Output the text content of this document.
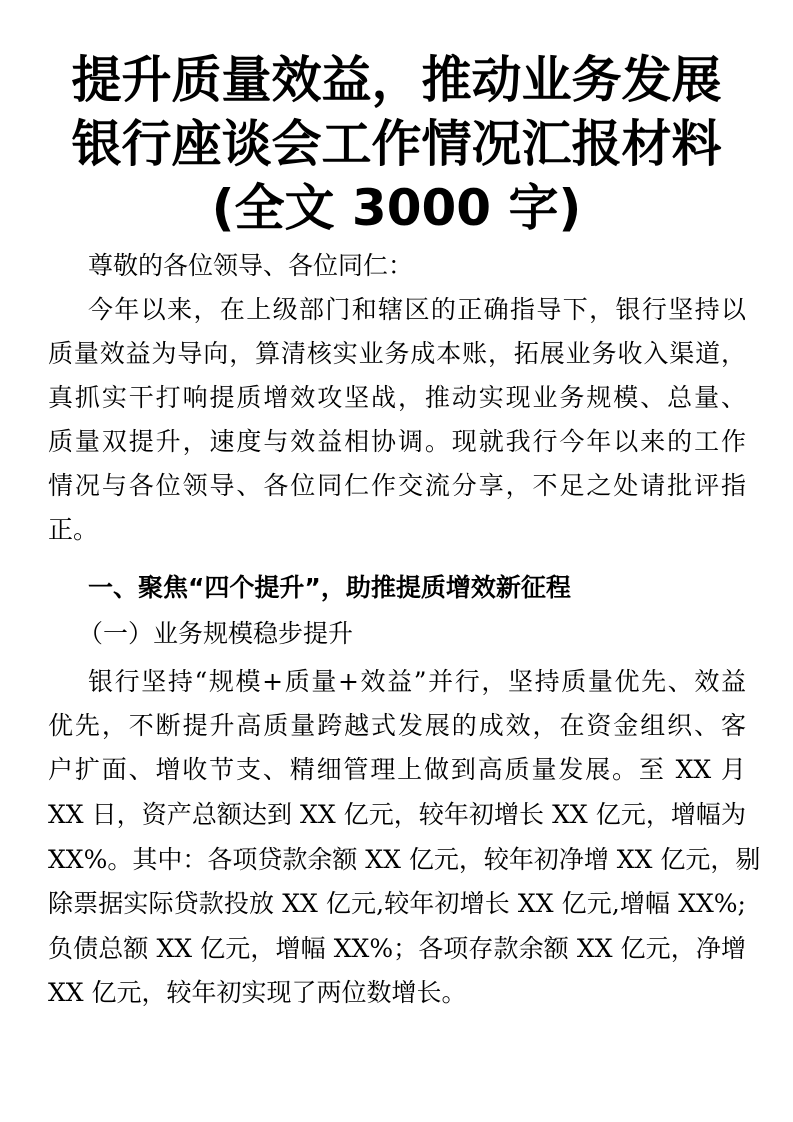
提升质量效益，推动业务发展
银行座谈会工作情况汇报材料
(全文 3000 字)
尊敬的各位领导、各位同仁：
今年以来，在上级部门和辖区的正确指导下，银行坚持以
质量效益为导向，算清核实业务成本账，拓展业务收入渠道，
真抓实干打响提质增效攻坚战，推动实现业务规模、总量、
质量双提升，速度与效益相协调。现就我行今年以来的工作
情况与各位领导、各位同仁作交流分享，不足之处请批评指
正。
一、聚焦“四个提升”，助推提质增效新征程
（一）业务规模稳步提升
银行坚持“规模+质量+效益”并行，坚持质量优先、效益
优先，不断提升高质量跨越式发展的成效，在资金组织、客
户扩面、增收节支、精细管理上做到高质量发展。至 XX 月
XX 日，资产总额达到 XX 亿元，较年初增长 XX 亿元，增幅为
XX%。其中：各项贷款余额 XX 亿元，较年初净增 XX 亿元，剔
除票据实际贷款投放 XX 亿元,较年初增长 XX 亿元,增幅 XX%;
负债总额 XX 亿元，增幅 XX%；各项存款余额 XX 亿元，净增
XX 亿元，较年初实现了两位数增长。
